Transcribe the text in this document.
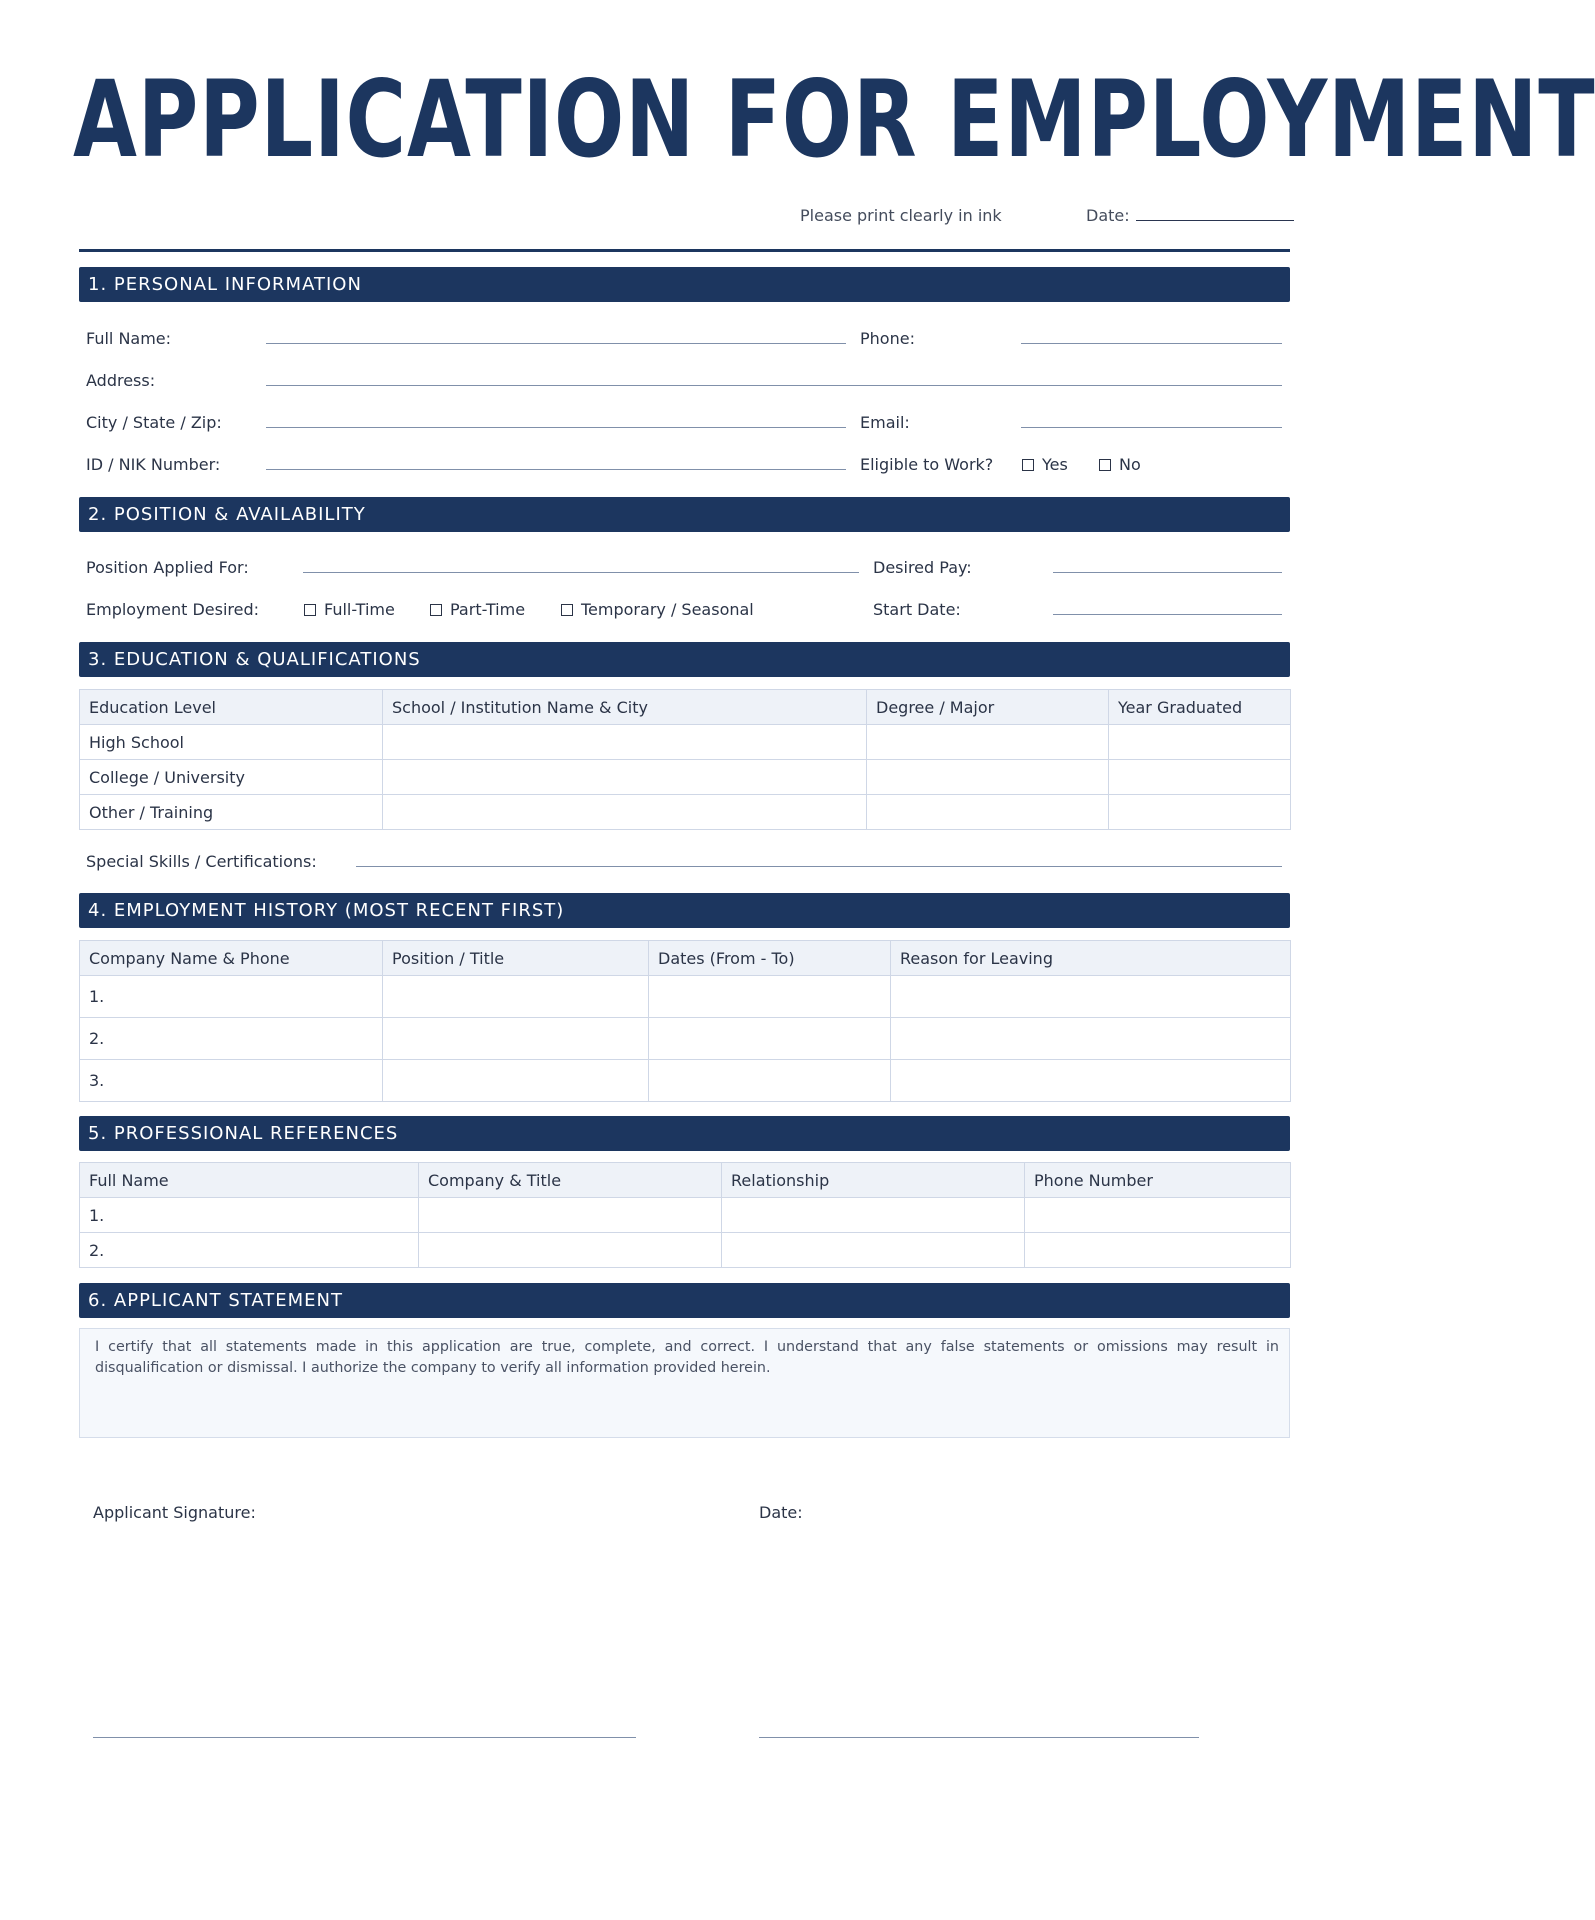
APPLICATION FOR EMPLOYMENT
Please print clearly in ink	Date:
1. PERSONAL INFORMATION
Full Name:	Phone:
Address:
City / State / Zip:	Email:
ID / NIK Number:	Eligible to Work?	Yes	No
2. POSITION & AVAILABILITY
Position Applied For:	Desired Pay:
Employment Desired:	Full-Time	Part-Time	Temporary / Seasonal	Start Date:
3. EDUCATION & QUALIFICATIONS
Education Level	School / Institution Name & City	Degree / Major	Year Graduated
High School			
College / University			
Other / Training			
Special Skills / Certifications:
4. EMPLOYMENT HISTORY (MOST RECENT FIRST)
Company Name & Phone	Position / Title	Dates (From - To)	Reason for Leaving
1.			
2.			
3.			
5. PROFESSIONAL REFERENCES
Full Name	Company & Title	Relationship	Phone Number
1.			
2.			
6. APPLICANT STATEMENT
I certify that all statements made in this application are true, complete, and correct. I understand that any false statements or omissions may result in disqualification or dismissal. I authorize the company to verify all information provided herein.
Applicant Signature:	Date:
